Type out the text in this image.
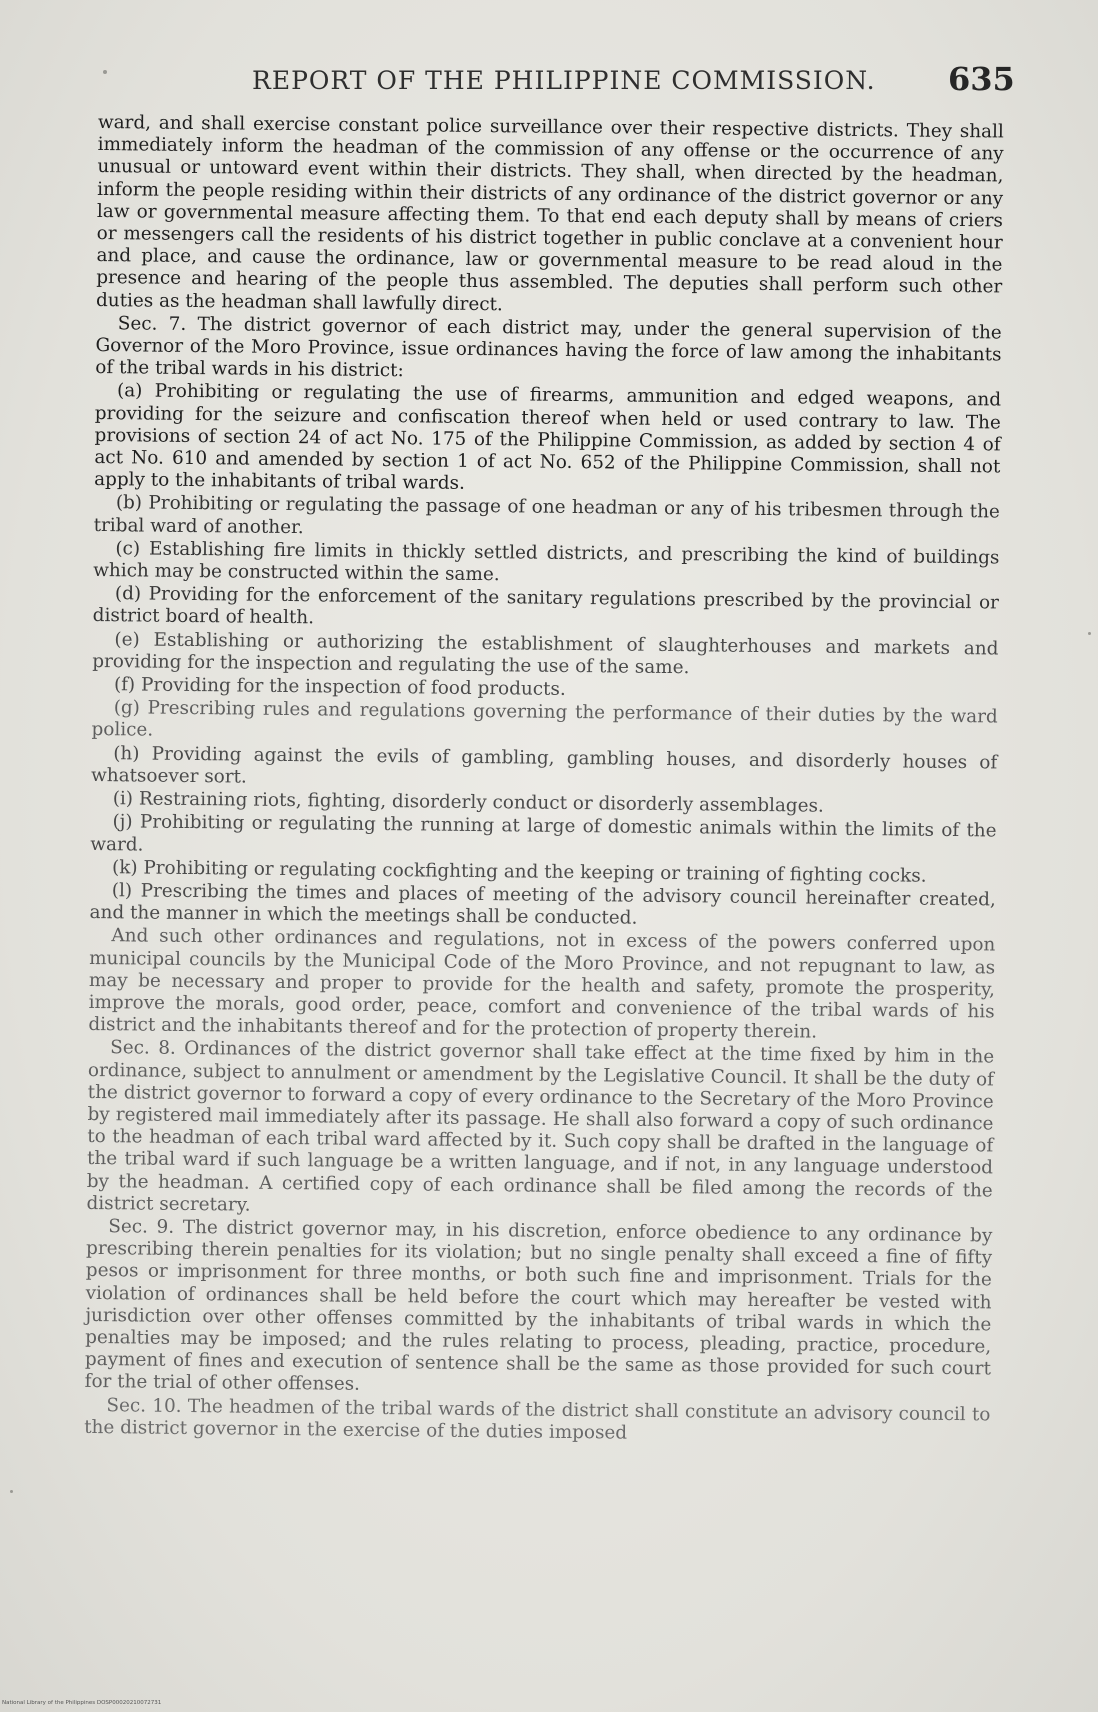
REPORT OF THE PHILIPPINE COMMISSION. 635

ward, and shall exercise constant police surveillance over their respective districts. They shall immediately inform the headman of the commission of any offense or the occurrence of any unusual or untoward event within their districts. They shall, when directed by the headman, inform the people residing within their districts of any ordinance of the district governor or any law or governmental measure affecting them. To that end each deputy shall by means of criers or messengers call the residents of his district together in public conclave at a convenient hour and place, and cause the ordinance, law or governmental measure to be read aloud in the presence and hearing of the people thus assembled. The deputies shall perform such other duties as the headman shall lawfully direct.

Sec. 7. The district governor of each district may, under the general supervision of the Governor of the Moro Province, issue ordinances having the force of law among the inhabitants of the tribal wards in his district:

(a) Prohibiting or regulating the use of firearms, ammunition and edged weapons, and providing for the seizure and confiscation thereof when held or used contrary to law. The provisions of section 24 of act No. 175 of the Philippine Commission, as added by section 4 of act No. 610 and amended by section 1 of act No. 652 of the Philippine Commission, shall not apply to the inhabitants of tribal wards.

(b) Prohibiting or regulating the passage of one headman or any of his tribesmen through the tribal ward of another.

(c) Establishing fire limits in thickly settled districts, and prescribing the kind of buildings which may be constructed within the same.

(d) Providing for the enforcement of the sanitary regulations prescribed by the provincial or district board of health.

(e) Establishing or authorizing the establishment of slaughterhouses and markets and providing for the inspection and regulating the use of the same.

(f) Providing for the inspection of food products.

(g) Prescribing rules and regulations governing the performance of their duties by the ward police.

(h) Providing against the evils of gambling, gambling houses, and disorderly houses of whatsoever sort.

(i) Restraining riots, fighting, disorderly conduct or disorderly assemblages.

(j) Prohibiting or regulating the running at large of domestic animals within the limits of the ward.

(k) Prohibiting or regulating cockfighting and the keeping or training of fighting cocks.

(l) Prescribing the times and places of meeting of the advisory council hereinafter created, and the manner in which the meetings shall be conducted.

And such other ordinances and regulations, not in excess of the powers conferred upon municipal councils by the Municipal Code of the Moro Province, and not repugnant to law, as may be necessary and proper to provide for the health and safety, promote the prosperity, improve the morals, good order, peace, comfort and convenience of the tribal wards of his district and the inhabitants thereof and for the protection of property therein.

Sec. 8. Ordinances of the district governor shall take effect at the time fixed by him in the ordinance, subject to annulment or amendment by the Legislative Council. It shall be the duty of the district governor to forward a copy of every ordinance to the Secretary of the Moro Province by registered mail immediately after its passage. He shall also forward a copy of such ordinance to the headman of each tribal ward affected by it. Such copy shall be drafted in the language of the tribal ward if such language be a written language, and if not, in any language understood by the headman. A certified copy of each ordinance shall be filed among the records of the district secretary.

Sec. 9. The district governor may, in his discretion, enforce obedience to any ordinance by prescribing therein penalties for its violation; but no single penalty shall exceed a fine of fifty pesos or imprisonment for three months, or both such fine and imprisonment. Trials for the violation of ordinances shall be held before the court which may hereafter be vested with jurisdiction over other offenses committed by the inhabitants of tribal wards in which the penalties may be imposed; and the rules relating to process, pleading, practice, procedure, payment of fines and execution of sentence shall be the same as those provided for such court for the trial of other offenses.

Sec. 10. The headmen of the tribal wards of the district shall constitute an advisory council to the district governor in the exercise of the duties imposed

National Library of the Philippines DOSP00020210072731
